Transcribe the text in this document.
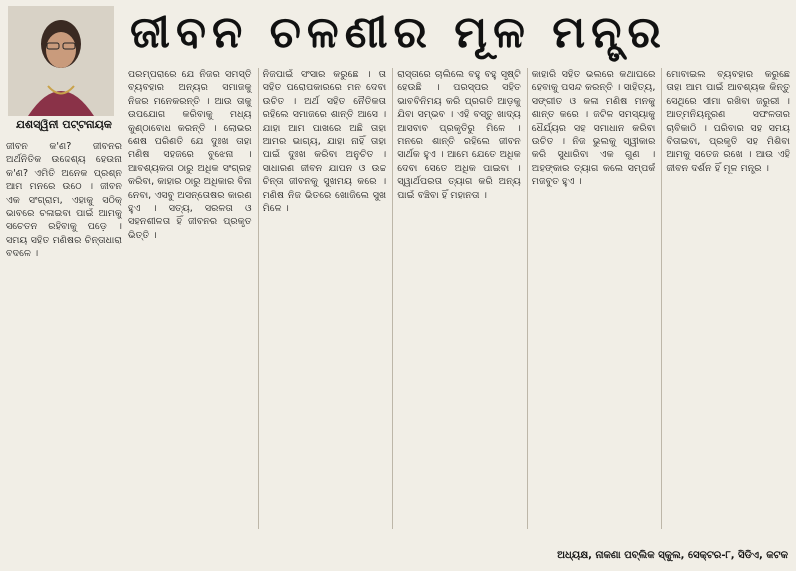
ଯଶସ୍ୱିନୀ ପଟ୍ଟନାୟକ
ଜୀବନ ଚଳଣୀର ମୂଳ ମନ୍ତ୍ର
ଜୀବନ କ'ଣ? ଜୀବନର ଅର୍ଥନିତିକ ଉଦ୍ଦେଶ୍ୟ ହେଉନା କ'ଣ? ଏମିତି ଅନେକ ପ୍ରଶ୍ନ ଆମ ମନରେ ଉଠେ । ଜୀବନ ଏକ ସଂଗ୍ରାମ, ଏହାକୁ ସଠିକ୍ ଭାବରେ ଚଳାଇବା ପାଇଁ ଆମକୁ ସଚେତନ ରହିବାକୁ ପଡ଼େ । ସମୟ ସହିତ ମଣିଷର ଚିନ୍ତାଧାରା ବଦଳେ ।
ପରମ୍ପରାରେ ଯେ ନିଜର ସମସ୍ତି ବ୍ୟବହାର ଅନ୍ୟର ସମାଜକୁ ନିଜର ମନେକରନ୍ତି । ଆଉ ତାକୁ ଉପଯୋଗ କରିବାକୁ ମଧ୍ୟ କୁଣ୍ଠାବୋଧ କରନ୍ତି । ଲୋଭର ଶେଷ ପରିଣତି ଯେ ଦୁଃଖ ତାହା ମଣିଷ ସହଜରେ ବୁଝେନା । ଆବଶ୍ୟକତା ଠାରୁ ଅଧିକ ସଂଗ୍ରହ କରିବା, କାହାର ଠାରୁ ଅଧିକାର ବିନା ନେବା, ଏସବୁ ଅସନ୍ତୋଷର କାରଣ ହୁଏ । ସତ୍ୟ, ସରଳତା ଓ ସହନଶୀଳତା ହିଁ ଜୀବନର ପ୍ରକୃତ ଭିତ୍ତି ।
ନିଜପାଇଁ ସଂସାର କରୁଛେ । ତା ସହିତ ପରୋପକାରରେ ମନ ଦେବା ଉଚିତ । ଅର୍ଥ ସହିତ ନୈତିକତା ରହିଲେ ସମାଜରେ ଶାନ୍ତି ଆସେ । ଯାହା ଆମ ପାଖରେ ଅଛି ତାହା ଆମର ଭାଗ୍ୟ, ଯାହା ନାହିଁ ତାହା ପାଇଁ ଦୁଃଖ କରିବା ଅନୁଚିତ । ସାଧାରଣ ଜୀବନ ଯାପନ ଓ ଉଚ୍ଚ ଚିନ୍ତା ଜୀବନକୁ ସୁଖମୟ କରେ । ମଣିଷ ନିଜ ଭିତରେ ଖୋଜିଲେ ସୁଖ ମିଳେ ।
ରାସ୍ତାରେ ଚାଲିଲେ ବହୁ ବହୁ ସୃଷ୍ଟି ହେଉଛି । ପରସ୍ପର ସହିତ ଭାବବିନିମୟ କରି ପ୍ରଗତି ଆଡ଼କୁ ଯିବା ସମ୍ଭବ । ଏହି ବସ୍ତୁ ଖାଦ୍ୟ ଆସବାବ ପ୍ରକୃତିରୁ ମିଳେ । ମନରେ ଶାନ୍ତି ରହିଲେ ଜୀବନ ସାର୍ଥକ ହୁଏ । ଆମେ ଯେତେ ଅଧିକ ଦେବା ସେତେ ଅଧିକ ପାଇବା । ସ୍ୱାର୍ଥପରତା ତ୍ୟାଗ କରି ଅନ୍ୟ ପାଇଁ ବଞ୍ଚିବା ହିଁ ମହାନତା ।
କାହାରି ସହିତ ଭଲରେ କଥାଘରେ ହେବାକୁ ପସନ୍ଦ କରନ୍ତି । ସାହିତ୍ୟ, ସଙ୍ଗୀତ ଓ କଳା ମଣିଷ ମନକୁ ଶାନ୍ତ କରେ । ଜଟିଳ ସମସ୍ୟାକୁ ଧୈର୍ଯ୍ୟର ସହ ସମାଧାନ କରିବା ଉଚିତ । ନିଜ ଭୁଲକୁ ସ୍ୱୀକାର କରି ସୁଧାରିବା ଏକ ଗୁଣ । ଅହଙ୍କାର ତ୍ୟାଗ କଲେ ସମ୍ପର୍କ ମଜବୁତ ହୁଏ ।
ମୋବାଇଲ ବ୍ୟବହାର କରୁଛେ ତାହା ଆମ ପାଇଁ ଆବଶ୍ୟକ କିନ୍ତୁ ସେଥିରେ ସୀମା ରଖିବା ଜରୁରୀ । ଆତ୍ମନିୟନ୍ତ୍ରଣ ସଫଳତାର ଚାବିକାଠି । ପରିବାର ସହ ସମୟ ବିତାଇବା, ପ୍ରକୃତି ସହ ମିଶିବା ଆମକୁ ସତେଜ ରଖେ । ଆଉ ଏହି ଜୀବନ ଦର୍ଶନ ହିଁ ମୂଳ ମନ୍ତ୍ର ।
ଅଧ୍ୟକ୍ଷ, ନାକଣା ପବ୍ଲିକ ସ୍କୁଲ, ସେକ୍ଟର-୮, ସିଡିଏ, କଟକ
